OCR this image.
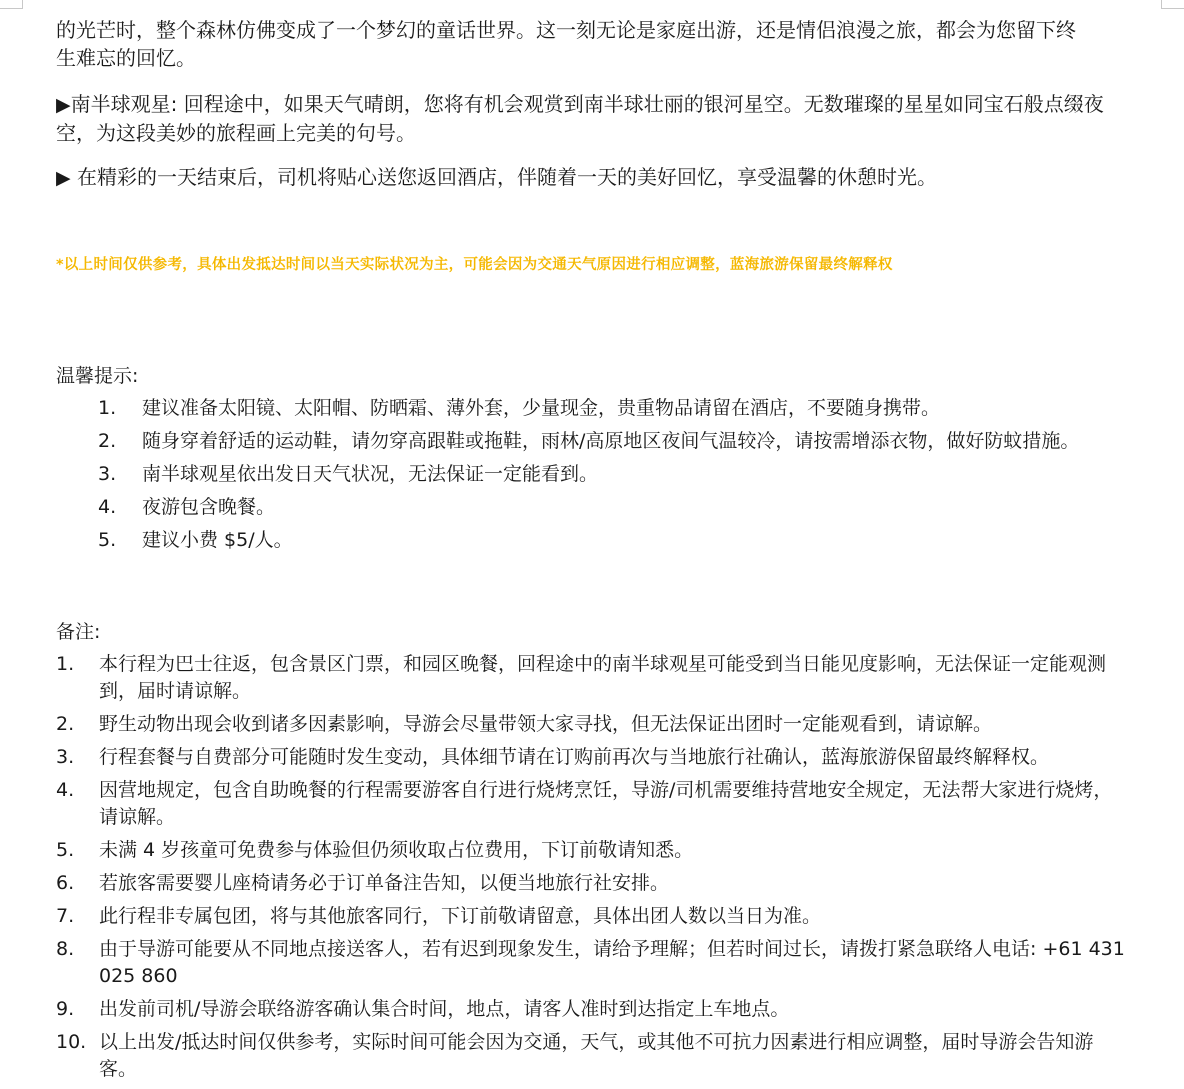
的光芒时，整个森林仿佛变成了一个梦幻的童话世界。这一刻无论是家庭出游，还是情侣浪漫之旅，都会为您留下终生难忘的回忆。

▶南半球观星: 回程途中，如果天气晴朗，您将有机会观赏到南半球壮丽的银河星空。无数璀璨的星星如同宝石般点缀夜空，为这段美妙的旅程画上完美的句号。

▶ 在精彩的一天结束后，司机将贴心送您返回酒店，伴随着一天的美好回忆，享受温馨的休憩时光。

*以上时间仅供参考，具体出发抵达时间以当天实际状况为主，可能会因为交通天气原因进行相应调整，蓝海旅游保留最终解释权

温馨提示:

1.	建议准备太阳镜、太阳帽、防晒霜、薄外套，少量现金，贵重物品请留在酒店，不要随身携带。
2.	随身穿着舒适的运动鞋，请勿穿高跟鞋或拖鞋，雨林/高原地区夜间气温较冷，请按需增添衣物，做好防蚊措施。
3.	南半球观星依出发日天气状况，无法保证一定能看到。
4.	夜游包含晚餐。
5.	建议小费 $5/人。

备注:

1.	本行程为巴士往返，包含景区门票，和园区晚餐，回程途中的南半球观星可能受到当日能见度影响，无法保证一定能观测到，届时请谅解。
2.	野生动物出现会收到诸多因素影响，导游会尽量带领大家寻找，但无法保证出团时一定能观看到，请谅解。
3.	行程套餐与自费部分可能随时发生变动，具体细节请在订购前再次与当地旅行社确认，蓝海旅游保留最终解释权。
4.	因营地规定，包含自助晚餐的行程需要游客自行进行烧烤烹饪，导游/司机需要维持营地安全规定，无法帮大家进行烧烤，请谅解。
5.	未满 4 岁孩童可免费参与体验但仍须收取占位费用，下订前敬请知悉。
6.	若旅客需要婴儿座椅请务必于订单备注告知，以便当地旅行社安排。
7.	此行程非专属包团，将与其他旅客同行，下订前敬请留意，具体出团人数以当日为准。
8.	由于导游可能要从不同地点接送客人，若有迟到现象发生，请给予理解；但若时间过长，请拨打紧急联络人电话: +61 431 025 860
9.	出发前司机/导游会联络游客确认集合时间，地点，请客人准时到达指定上车地点。
10. 以上出发/抵达时间仅供参考，实际时间可能会因为交通，天气，或其他不可抗力因素进行相应调整，届时导游会告知游客。
